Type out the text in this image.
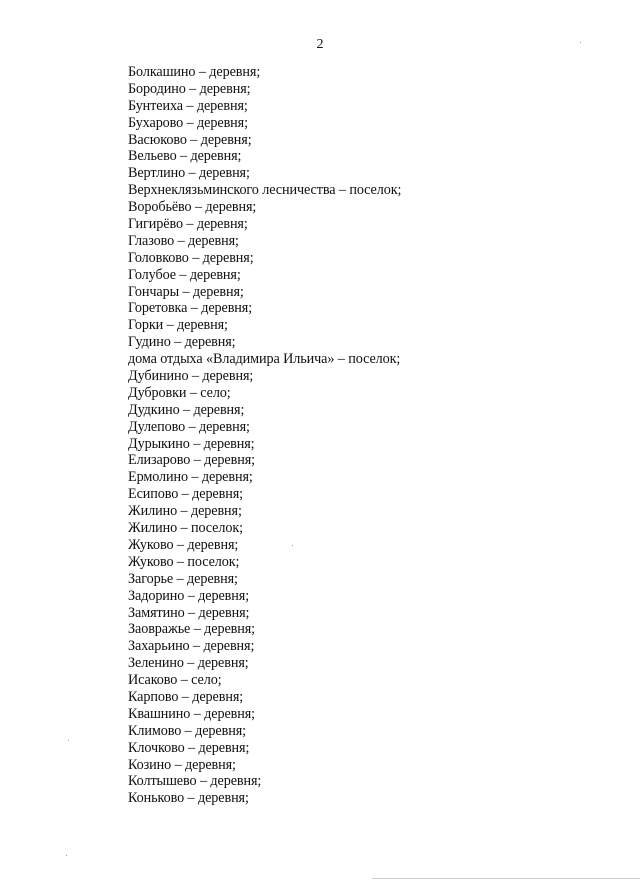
2
Болкашино – деревня;
Бородино – деревня;
Бунтеиха – деревня;
Бухарово – деревня;
Васюково – деревня;
Вельево – деревня;
Вертлино – деревня;
Верхнеклязьминского лесничества – поселок;
Воробьёво – деревня;
Гигирёво – деревня;
Глазово – деревня;
Головково – деревня;
Голубое – деревня;
Гончары – деревня;
Горетовка – деревня;
Горки – деревня;
Гудино – деревня;
дома отдыха «Владимира Ильича» – поселок;
Дубинино – деревня;
Дубровки – село;
Дудкино – деревня;
Дулепово – деревня;
Дурыкино – деревня;
Елизарово – деревня;
Ермолино – деревня;
Есипово – деревня;
Жилино – деревня;
Жилино – поселок;
Жуково – деревня;
Жуково – поселок;
Загорье – деревня;
Задорино – деревня;
Замятино – деревня;
Заовражье – деревня;
Захарьино – деревня;
Зеленино – деревня;
Исаково – село;
Карпово – деревня;
Квашнино – деревня;
Климово – деревня;
Клочково – деревня;
Козино – деревня;
Колтышево – деревня;
Коньково – деревня;
